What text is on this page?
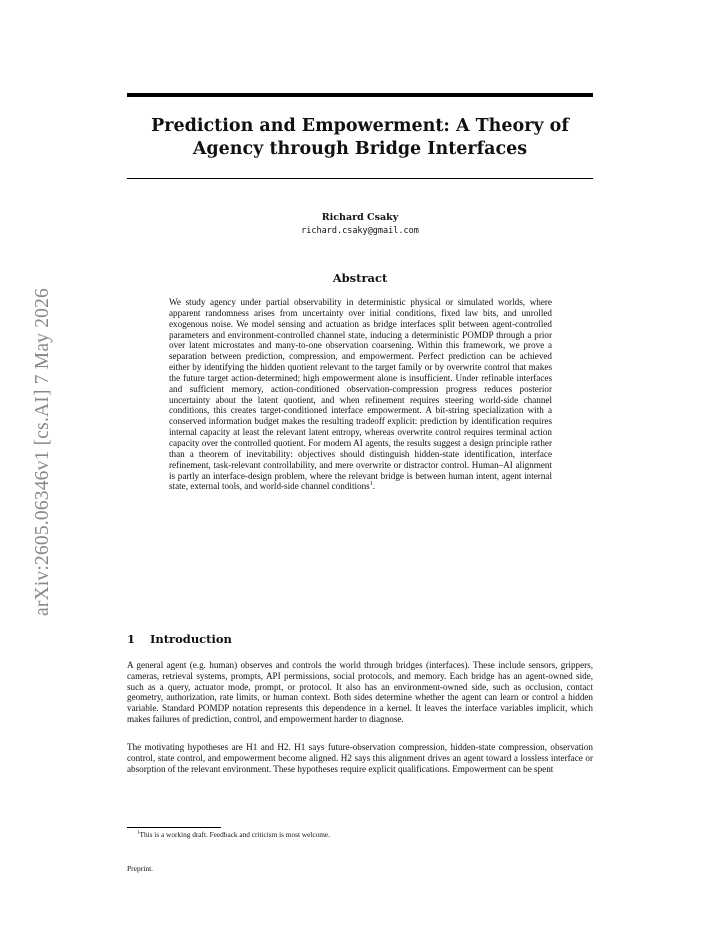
arXiv:2605.06346v1 [cs.AI] 7 May 2026
Prediction and Empowerment: A Theory of Agency through Bridge Interfaces
Richard Csaky
richard.csaky@gmail.com
Abstract

We study agency under partial observability in deterministic physical or simulated worlds, where apparent randomness arises from uncertainty over initial conditions, fixed law bits, and unrolled exogenous noise. We model sensing and actuation as bridge interfaces split between agent-controlled parameters and environment-controlled channel state, inducing a deterministic POMDP through a prior over latent microstates and many-to-one observation coarsening. Within this framework, we prove a separation between prediction, compression, and empowerment. Perfect prediction can be achieved either by identifying the hidden quotient relevant to the target family or by overwrite control that makes the future target action-determined; high empowerment alone is insufficient. Under refinable interfaces and sufficient memory, action-conditioned observation-compression progress reduces posterior uncertainty about the latent quotient, and when refinement requires steering world-side channel conditions, this creates target-conditioned interface empowerment. A bit-string specialization with a conserved information budget makes the resulting tradeoff explicit: prediction by identification requires internal capacity at least the relevant latent entropy, whereas overwrite control requires terminal action capacity over the controlled quotient. For modern AI agents, the results suggest a design principle rather than a theorem of inevitability: objectives should distinguish hidden-state identification, interface refinement, task-relevant controllability, and mere overwrite or distractor control. Human–AI alignment is partly an interface-design problem, where the relevant bridge is between human intent, agent internal state, external tools, and world-side channel conditions$^1$.

1 Introduction

A general agent (e.g. human) observes and controls the world through bridges (interfaces). These include sensors, grippers, cameras, retrieval systems, prompts, API permissions, social protocols, and memory. Each bridge has an agent-owned side, such as a query, actuator mode, prompt, or protocol. It also has an environment-owned side, such as occlusion, contact geometry, authorization, rate limits, or human context. Both sides determine whether the agent can learn or control a hidden variable. Standard POMDP notation represents this dependence in a kernel. It leaves the interface variables implicit, which makes failures of prediction, control, and empowerment harder to diagnose.

The motivating hypotheses are H1 and H2. H1 says future-observation compression, hidden-state compression, observation control, state control, and empowerment become aligned. H2 says this alignment drives an agent toward a lossless interface or absorption of the relevant environment. These hypotheses require explicit qualifications. Empowerment can be spent

$^1$This is a working draft. Feedback and criticism is most welcome.
Preprint.
